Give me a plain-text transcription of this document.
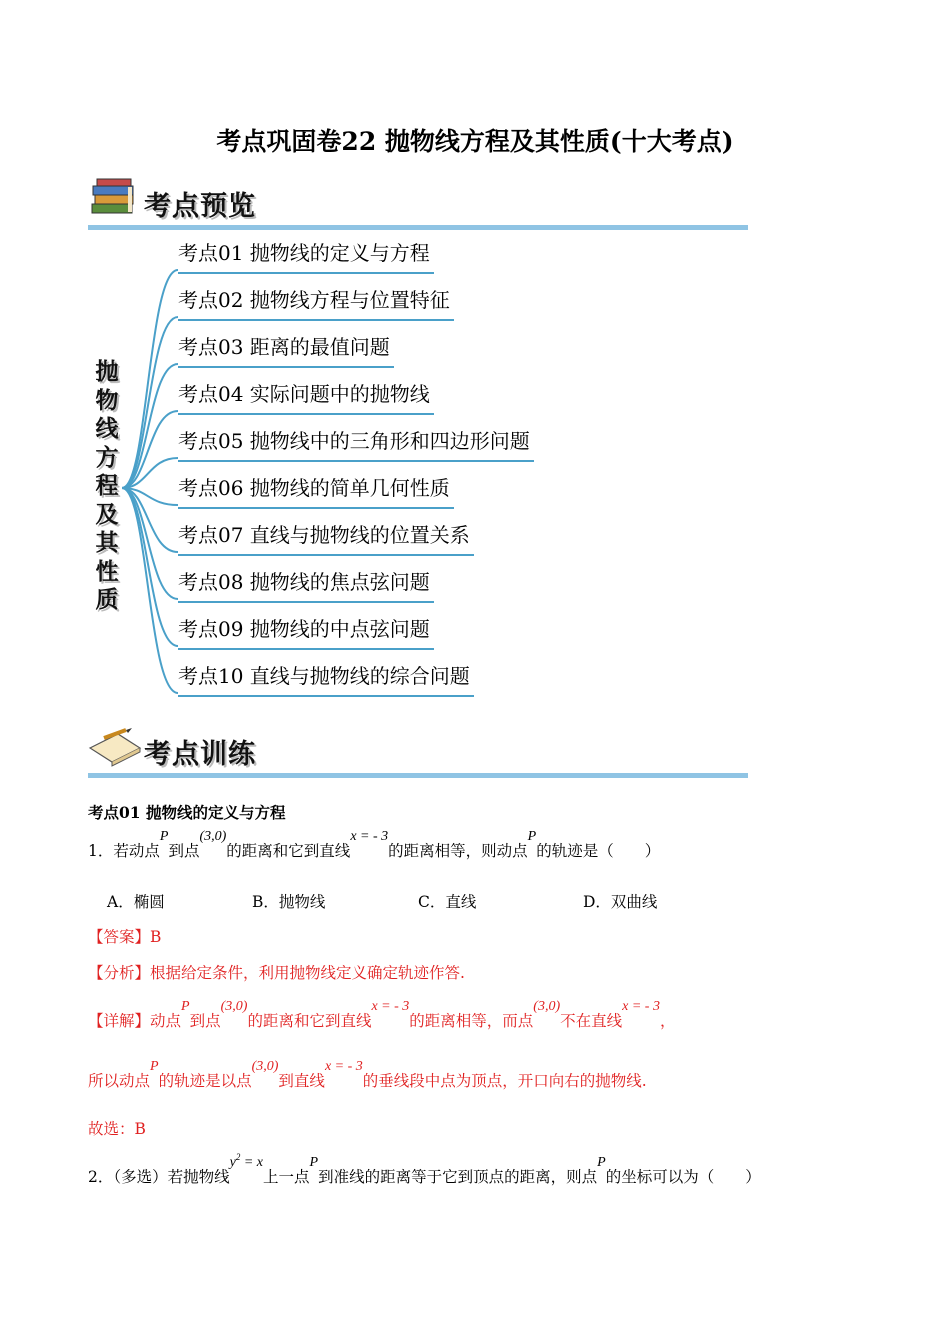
考点巩固卷22 抛物线方程及其性质(十大考点)
考点预览
抛物线方程及其性质
考点01 抛物线的定义与方程
考点02 抛物线方程与位置特征
考点03 距离的最值问题
考点04 实际问题中的抛物线
考点05 抛物线中的三角形和四边形问题
考点06 抛物线的简单几何性质
考点07 直线与抛物线的位置关系
考点08 抛物线的焦点弦问题
考点09 抛物线的中点弦问题
考点10 直线与抛物线的综合问题
考点训练
考点01 抛物线的定义与方程
1．若动点P到点(3,0)的距离和它到直线x = - 3的距离相等，则动点P的轨迹是（　　）
A．椭圆	B．抛物线	C．直线	D．双曲线
【答案】B
【分析】根据给定条件，利用抛物线定义确定轨迹作答.
【详解】动点P到点(3,0)的距离和它到直线x = - 3的距离相等，而点(3,0)不在直线x = - 3，
所以动点P的轨迹是以点(3,0)到直线x = - 3的垂线段中点为顶点，开口向右的抛物线.
故选：B
2．（多选）若抛物线$y^2 = x$上一点P到准线的距离等于它到顶点的距离，则点P的坐标可以为（　　）
